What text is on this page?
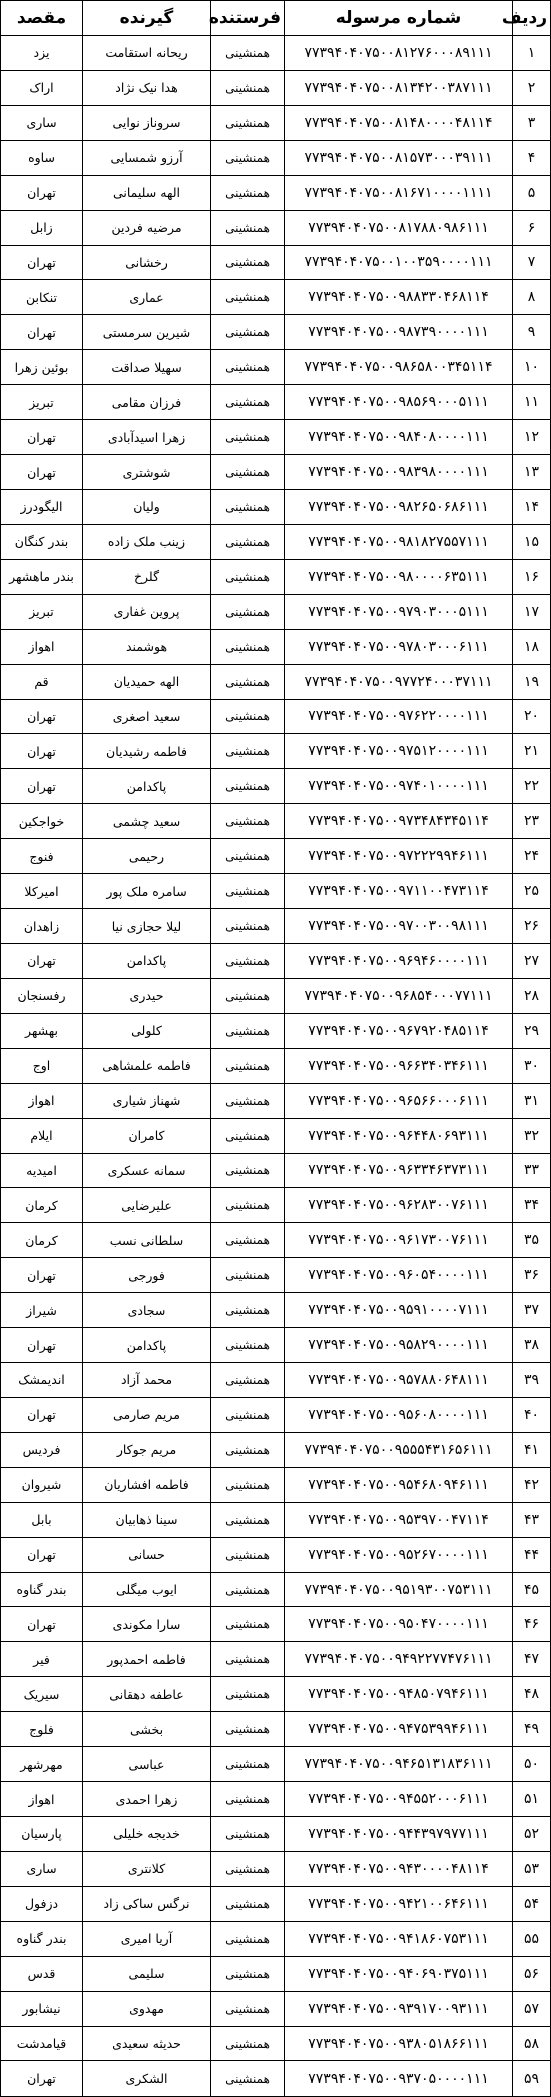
ردیف	شماره مرسوله	فرستنده	گیرنده	مقصد
۱	۷۷۳۹۴۰۴۰۷۵۰۰۸۱۲۷۶۰۰۰۸۹۱۱۱	همنشینی	ریحانه استقامت	یزد
۲	۷۷۳۹۴۰۴۰۷۵۰۰۸۱۳۴۲۰۰۳۸۷۱۱۱	همنشینی	هدا نیک نژاد	اراک
۳	۷۷۳۹۴۰۴۰۷۵۰۰۸۱۴۸۰۰۰۰۴۸۱۱۴	همنشینی	سروناز نوایی	ساری
۴	۷۷۳۹۴۰۴۰۷۵۰۰۸۱۵۷۳۰۰۰۳۹۱۱۱	همنشینی	آرزو شمسایی	ساوه
۵	۷۷۳۹۴۰۴۰۷۵۰۰۸۱۶۷۱۰۰۰۰۱۱۱۱	همنشینی	الهه سلیمانی	تهران
۶	۷۷۳۹۴۰۴۰۷۵۰۰۸۱۷۸۸۰۹۸۶۱۱۱	همنشینی	مرضیه فردین	زابل
۷	۷۷۳۹۴۰۴۰۷۵۰۰۱۰۰۳۵۹۰۰۰۰۱۱۱	همنشینی	رخشانی	تهران
۸	۷۷۳۹۴۰۴۰۷۵۰۰۹۸۸۳۳۰۴۶۸۱۱۴	همنشینی	عماری	تنکابن
۹	۷۷۳۹۴۰۴۰۷۵۰۰۹۸۷۳۹۰۰۰۰۱۱۱	همنشینی	شیرین سرمستی	تهران
۱۰	۷۷۳۹۴۰۴۰۷۵۰۰۹۸۶۵۸۰۰۳۴۵۱۱۴	همنشینی	سهیلا صداقت	بوئین زهرا
۱۱	۷۷۳۹۴۰۴۰۷۵۰۰۹۸۵۶۹۰۰۰۵۱۱۱	همنشینی	فرزان مقامی	تبریز
۱۲	۷۷۳۹۴۰۴۰۷۵۰۰۹۸۴۰۸۰۰۰۰۱۱۱	همنشینی	زهرا اسیدآبادی	تهران
۱۳	۷۷۳۹۴۰۴۰۷۵۰۰۹۸۳۹۸۰۰۰۰۱۱۱	همنشینی	شوشتری	تهران
۱۴	۷۷۳۹۴۰۴۰۷۵۰۰۹۸۲۶۵۰۶۸۶۱۱۱	همنشینی	ولیان	الیگودرز
۱۵	۷۷۳۹۴۰۴۰۷۵۰۰۹۸۱۸۲۷۵۵۷۱۱۱	همنشینی	زینب ملک زاده	بندر کنگان
۱۶	۷۷۳۹۴۰۴۰۷۵۰۰۹۸۰۰۰۰۶۳۵۱۱۱	همنشینی	گلرخ	بندر ماهشهر
۱۷	۷۷۳۹۴۰۴۰۷۵۰۰۹۷۹۰۳۰۰۰۵۱۱۱	همنشینی	پروین غفاری	تبریز
۱۸	۷۷۳۹۴۰۴۰۷۵۰۰۹۷۸۰۳۰۰۰۶۱۱۱	همنشینی	هوشمند	اهواز
۱۹	۷۷۳۹۴۰۴۰۷۵۰۰۹۷۷۲۴۰۰۰۳۷۱۱۱	همنشینی	الهه حمیدیان	قم
۲۰	۷۷۳۹۴۰۴۰۷۵۰۰۹۷۶۲۲۰۰۰۰۱۱۱	همنشینی	سعید اصغری	تهران
۲۱	۷۷۳۹۴۰۴۰۷۵۰۰۹۷۵۱۲۰۰۰۰۱۱۱	همنشینی	فاطمه رشیدیان	تهران
۲۲	۷۷۳۹۴۰۴۰۷۵۰۰۹۷۴۰۱۰۰۰۰۱۱۱	همنشینی	پاکدامن	تهران
۲۳	۷۷۳۹۴۰۴۰۷۵۰۰۹۷۳۴۸۴۳۴۵۱۱۴	همنشینی	سعید چشمی	خواجکین
۲۴	۷۷۳۹۴۰۴۰۷۵۰۰۹۷۲۲۲۹۹۴۶۱۱۱	همنشینی	رحیمی	فنوج
۲۵	۷۷۳۹۴۰۴۰۷۵۰۰۹۷۱۱۰۰۴۷۳۱۱۴	همنشینی	سامره ملک پور	امیرکلا
۲۶	۷۷۳۹۴۰۴۰۷۵۰۰۹۷۰۰۳۰۰۹۸۱۱۱	همنشینی	لیلا حجازی نیا	زاهدان
۲۷	۷۷۳۹۴۰۴۰۷۵۰۰۹۶۹۴۶۰۰۰۰۱۱۱	همنشینی	پاکدامن	تهران
۲۸	۷۷۳۹۴۰۴۰۷۵۰۰۹۶۸۵۴۰۰۰۷۷۱۱۱	همنشینی	حیدری	رفسنجان
۲۹	۷۷۳۹۴۰۴۰۷۵۰۰۹۶۷۹۲۰۴۸۵۱۱۴	همنشینی	کلولی	بهشهر
۳۰	۷۷۳۹۴۰۴۰۷۵۰۰۹۶۶۳۴۰۳۴۶۱۱۱	همنشینی	فاطمه علمشاهی	اوج
۳۱	۷۷۳۹۴۰۴۰۷۵۰۰۹۶۵۶۶۰۰۰۶۱۱۱	همنشینی	شهناز شیاری	اهواز
۳۲	۷۷۳۹۴۰۴۰۷۵۰۰۹۶۴۴۸۰۶۹۳۱۱۱	همنشینی	کامران	ایلام
۳۳	۷۷۳۹۴۰۴۰۷۵۰۰۹۶۳۳۴۶۳۷۳۱۱۱	همنشینی	سمانه عسکری	امیدیه
۳۴	۷۷۳۹۴۰۴۰۷۵۰۰۹۶۲۸۳۰۰۷۶۱۱۱	همنشینی	علیرضایی	کرمان
۳۵	۷۷۳۹۴۰۴۰۷۵۰۰۹۶۱۷۳۰۰۷۶۱۱۱	همنشینی	سلطانی نسب	کرمان
۳۶	۷۷۳۹۴۰۴۰۷۵۰۰۹۶۰۵۴۰۰۰۰۱۱۱	همنشینی	فورجی	تهران
۳۷	۷۷۳۹۴۰۴۰۷۵۰۰۹۵۹۱۰۰۰۰۷۱۱۱	همنشینی	سجادی	شیراز
۳۸	۷۷۳۹۴۰۴۰۷۵۰۰۹۵۸۲۹۰۰۰۰۱۱۱	همنشینی	پاکدامن	تهران
۳۹	۷۷۳۹۴۰۴۰۷۵۰۰۹۵۷۸۸۰۶۴۸۱۱۱	همنشینی	محمد آزاد	اندیمشک
۴۰	۷۷۳۹۴۰۴۰۷۵۰۰۹۵۶۰۸۰۰۰۰۱۱۱	همنشینی	مریم صارمی	تهران
۴۱	۷۷۳۹۴۰۴۰۷۵۰۰۹۵۵۵۴۳۱۶۵۶۱۱۱	همنشینی	مریم جوکار	فردیس
۴۲	۷۷۳۹۴۰۴۰۷۵۰۰۹۵۴۶۸۰۹۴۶۱۱۱	همنشینی	فاطمه افشاریان	شیروان
۴۳	۷۷۳۹۴۰۴۰۷۵۰۰۹۵۳۹۷۰۰۴۷۱۱۴	همنشینی	سینا ذهابیان	بابل
۴۴	۷۷۳۹۴۰۴۰۷۵۰۰۹۵۲۶۷۰۰۰۰۱۱۱	همنشینی	حسانی	تهران
۴۵	۷۷۳۹۴۰۴۰۷۵۰۰۹۵۱۹۳۰۰۷۵۳۱۱۱	همنشینی	ایوب میگلی	بندر گناوه
۴۶	۷۷۳۹۴۰۴۰۷۵۰۰۹۵۰۴۷۰۰۰۰۱۱۱	همنشینی	سارا مکوندی	تهران
۴۷	۷۷۳۹۴۰۴۰۷۵۰۰۹۴۹۲۲۷۷۴۷۶۱۱۱	همنشینی	فاطمه احمدپور	فیر
۴۸	۷۷۳۹۴۰۴۰۷۵۰۰۹۴۸۵۰۷۹۴۶۱۱۱	همنشینی	عاطفه دهقانی	سیریک
۴۹	۷۷۳۹۴۰۴۰۷۵۰۰۹۴۷۵۳۹۹۴۶۱۱۱	همنشینی	بخشی	فلوج
۵۰	۷۷۳۹۴۰۴۰۷۵۰۰۹۴۶۵۱۳۱۸۳۶۱۱۱	همنشینی	عباسی	مهرشهر
۵۱	۷۷۳۹۴۰۴۰۷۵۰۰۹۴۵۵۲۰۰۰۶۱۱۱	همنشینی	زهرا احمدی	اهواز
۵۲	۷۷۳۹۴۰۴۰۷۵۰۰۹۴۴۳۹۷۹۷۷۱۱۱	همنشینی	خدیجه خلیلی	پارسیان
۵۳	۷۷۳۹۴۰۴۰۷۵۰۰۹۴۳۰۰۰۰۴۸۱۱۴	همنشینی	کلانتری	ساری
۵۴	۷۷۳۹۴۰۴۰۷۵۰۰۹۴۲۱۰۰۶۴۶۱۱۱	همنشینی	نرگس ساکی زاد	دزفول
۵۵	۷۷۳۹۴۰۴۰۷۵۰۰۹۴۱۸۶۰۷۵۳۱۱۱	همنشینی	آریا امیری	بندر گناوه
۵۶	۷۷۳۹۴۰۴۰۷۵۰۰۹۴۰۶۹۰۳۷۵۱۱۱	همنشینی	سلیمی	قدس
۵۷	۷۷۳۹۴۰۴۰۷۵۰۰۹۳۹۱۷۰۰۹۳۱۱۱	همنشینی	مهدوی	نیشابور
۵۸	۷۷۳۹۴۰۴۰۷۵۰۰۹۳۸۰۵۱۸۶۶۱۱۱	همنشینی	حدیثه سعیدی	قیامدشت
۵۹	۷۷۳۹۴۰۴۰۷۵۰۰۹۳۷۰۵۰۰۰۰۱۱۱	همنشینی	الشکری	تهران
